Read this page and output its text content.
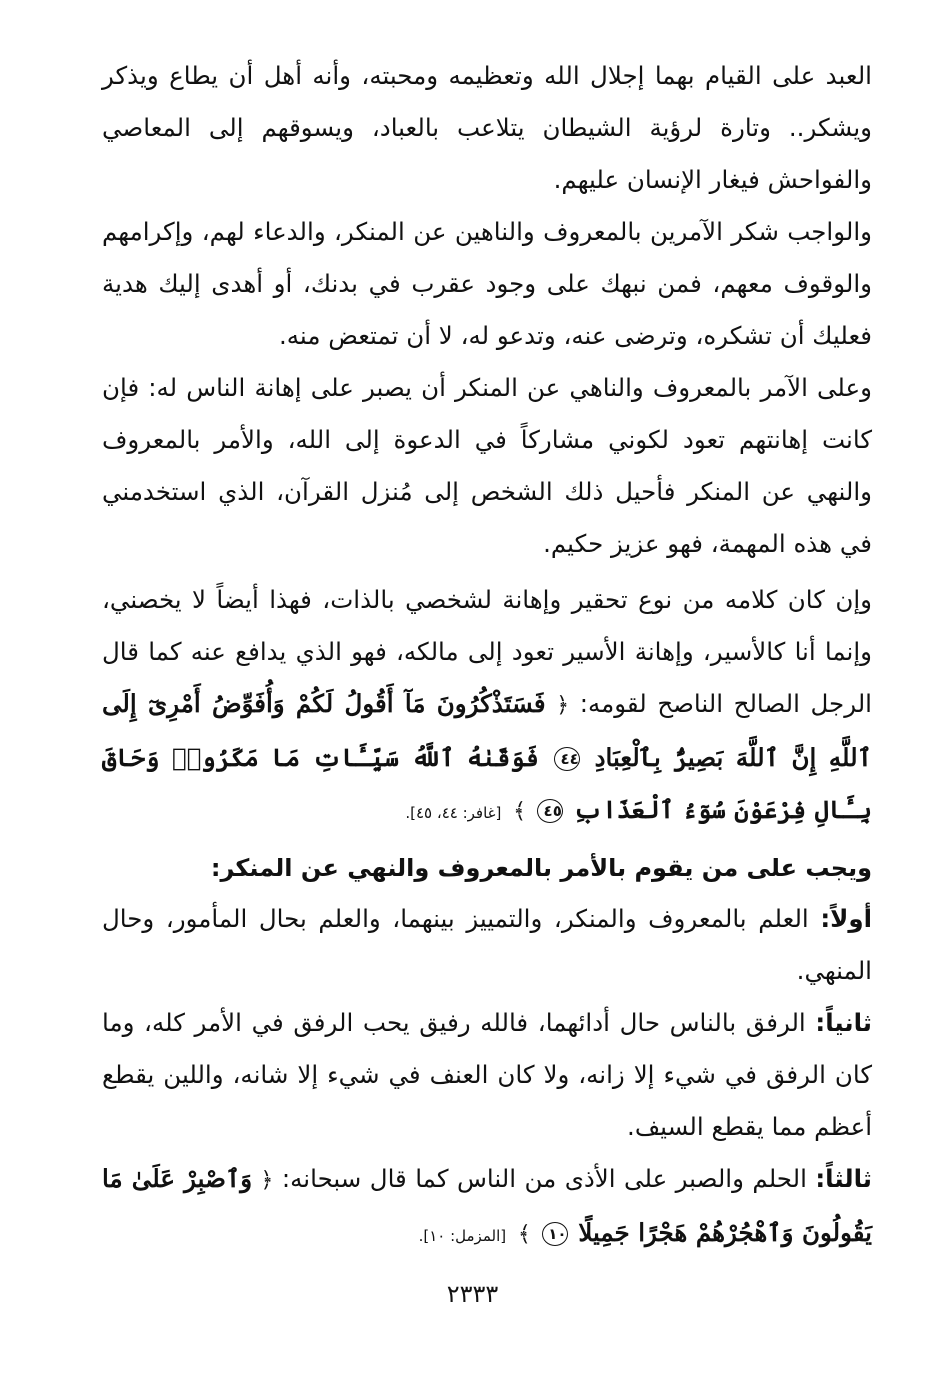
العبد على القيام بهما إجلال الله وتعظيمه ومحبته، وأنه أهل أن يطاع ويذكر ويشكر.. وتارة لرؤية الشيطان يتلاعب بالعباد، ويسوقهم إلى المعاصي والفواحش فيغار الإنسان عليهم.

والواجب شكر الآمرين بالمعروف والناهين عن المنكر، والدعاء لهم، وإكرامهم والوقوف معهم، فمن نبهك على وجود عقرب في بدنك، أو أهدى إليك هدية فعليك أن تشكره، وترضى عنه، وتدعو له، لا أن تمتعض منه.

وعلى الآمر بالمعروف والناهي عن المنكر أن يصبر على إهانة الناس له: فإن كانت إهانتهم تعود لكوني مشاركاً في الدعوة إلى الله، والأمر بالمعروف والنهي عن المنكر فأحيل ذلك الشخص إلى مُنزل القرآن، الذي استخدمني في هذه المهمة، فهو عزيز حكيم.

وإن كان كلامه من نوع تحقير وإهانة لشخصي بالذات، فهذا أيضاً لا يخصني، وإنما أنا كالأسير، وإهانة الأسير تعود إلى مالكه، فهو الذي يدافع عنه كما قال الرجل الصالح الناصح لقومه: ﴿ فَسَتَذْكُرُونَ مَآ أَقُولُ لَكُمْ وَأُفَوِّضُ أَمْرِىٓ إِلَى ٱللَّهِ إِنَّ ٱللَّهَ بَصِيرٌۢ بِٱلْعِبَادِ ٤٤ فَوَقَىٰهُ ٱللَّهُ سَيِّـَٔاتِ مَا مَكَرُوا۟ وَحَاقَ بِـَٔالِ فِرْعَوْنَ سُوٓءُ ٱلْعَذَابِ ٤٥ ﴾ [غافر: ٤٤، ٤٥].

ويجب على من يقوم بالأمر بالمعروف والنهي عن المنكر:

أولاً: العلم بالمعروف والمنكر، والتمييز بينهما، والعلم بحال المأمور، وحال المنهي.

ثانياً: الرفق بالناس حال أدائهما، فالله رفيق يحب الرفق في الأمر كله، وما كان الرفق في شيء إلا زانه، ولا كان العنف في شيء إلا شانه، واللين يقطع أعظم مما يقطع السيف.

ثالثاً: الحلم والصبر على الأذى من الناس كما قال سبحانه: ﴿ وَٱصْبِرْ عَلَىٰ مَا يَقُولُونَ وَٱهْجُرْهُمْ هَجْرًا جَمِيلًا ١٠ ﴾ [المزمل: ١٠].

٢٣٣٣
